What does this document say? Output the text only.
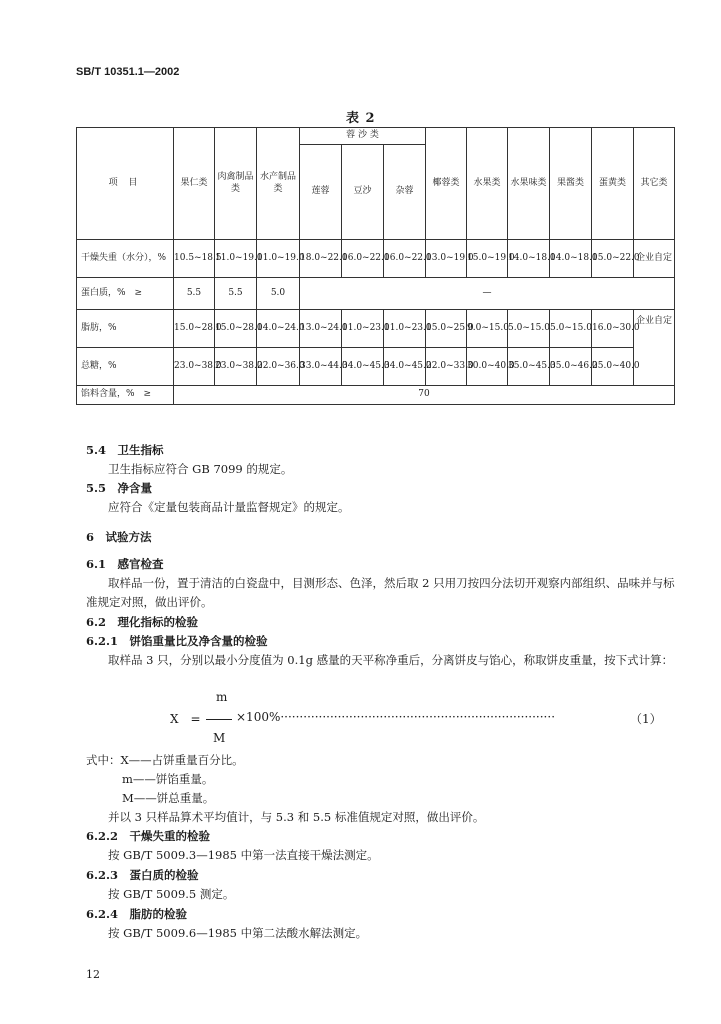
SB/T 10351.1—2002
表 2
项 目	果仁类	肉禽制品类	水产制品类	蓉 沙 类			椰蓉类	水果类	水果味类	果酱类	蛋黄类	其它类
				莲蓉	豆沙	杂蓉						
干燥失重（水分），%	10.5~18.5	11.0~19.0	11.0~19.0	18.0~22.0	16.0~22.0	16.0~22.0	13.0~19.0	15.0~19.0	14.0~18.0	14.0~18.0	15.0~22.0	企业自定
蛋白质，%　≥	5.5	5.5	5.0	—								
脂肪，%	15.0~28.0	15.0~28.0	14.0~24.0	13.0~24.0	11.0~23.0	11.0~23.0	15.0~25.0	9.0~15.0	5.0~15.0	5.0~15.0	16.0~30.0	企业自定
总糖，%	23.0~38.0	23.0~38.0	22.0~36.0	33.0~44.0	34.0~45.0	34.0~45.0	22.0~33.0	30.0~40.0	35.0~45.0	35.0~46.0	25.0~40.0	
馅料含量，%　≥	70											
5.4　卫生指标
卫生指标应符合 GB 7099 的规定。
5.5　净含量
应符合《定量包装商品计量监督规定》的规定。
6　试验方法
6.1　感官检查
取样品一份，置于清洁的白瓷盘中，目测形态、色泽，然后取 2 只用刀按四分法切开观察内部组织、品味并与标准规定对照，做出评价。
6.2　理化指标的检验
6.2.1　饼馅重量比及净含量的检验
取样品 3 只，分别以最小分度值为 0.1g 感量的天平称净重后，分离饼皮与馅心，称取饼皮重量，按下式计算：
m
X　=	×100%········································································	（1）
M
式中：X——占饼重量百分比。
m——饼馅重量。
M——饼总重量。
并以 3 只样品算术平均值计，与 5.3 和 5.5 标准值规定对照，做出评价。
6.2.2　干燥失重的检验
按 GB/T 5009.3—1985 中第一法直接干燥法测定。
6.2.3　蛋白质的检验
按 GB/T 5009.5 测定。
6.2.4　脂肪的检验
按 GB/T 5009.6—1985 中第二法酸水解法测定。
12
